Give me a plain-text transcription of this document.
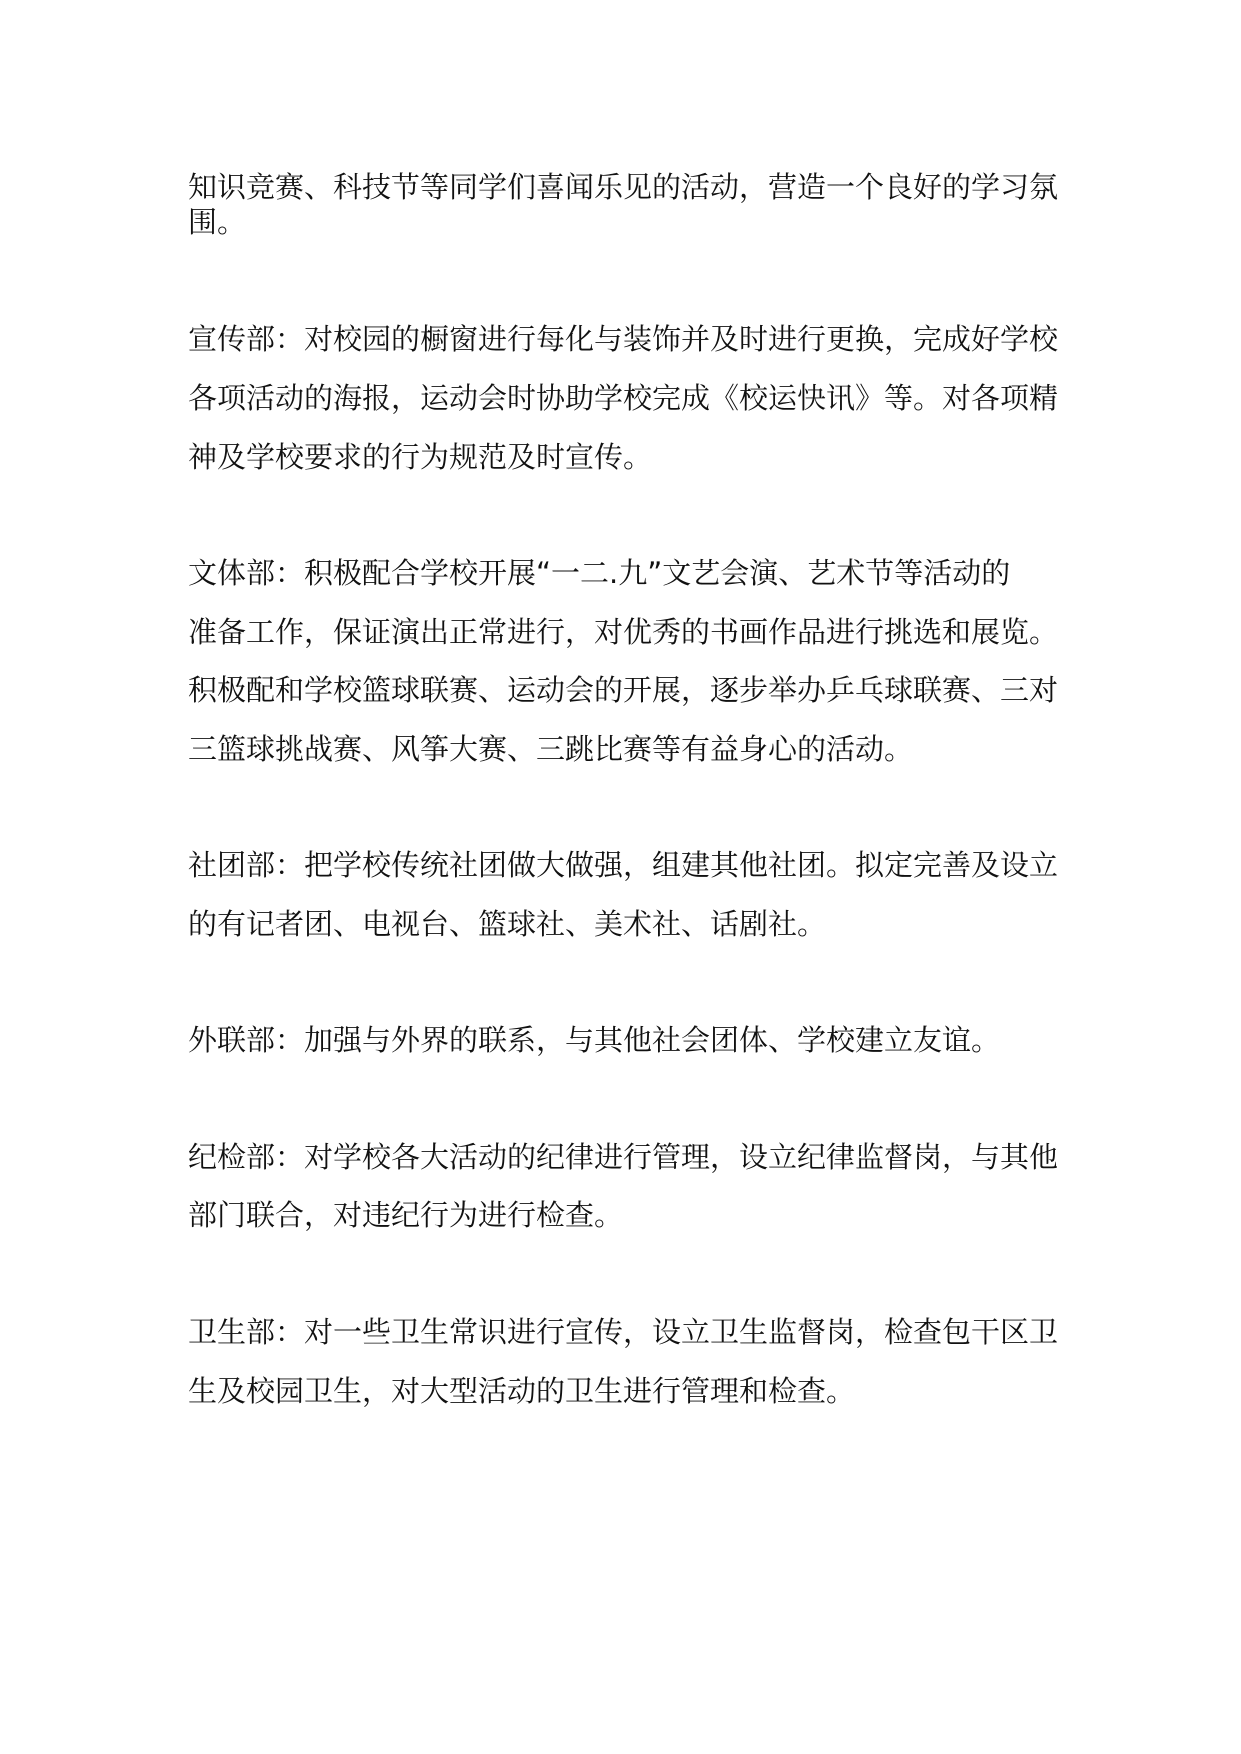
知识竞赛、科技节等同学们喜闻乐见的活动，营造一个良好的学习氛

围。

宣传部：对校园的橱窗进行每化与装饰并及时进行更换，完成好学校

各项活动的海报，运动会时协助学校完成《校运快讯》等。对各项精

神及学校要求的行为规范及时宣传。

文体部：积极配合学校开展“一二.九”文艺会演、艺术节等活动的

准备工作，保证演出正常进行，对优秀的书画作品进行挑选和展览。

积极配和学校篮球联赛、运动会的开展，逐步举办乒乓球联赛、三对

三篮球挑战赛、风筝大赛、三跳比赛等有益身心的活动。

社团部：把学校传统社团做大做强，组建其他社团。拟定完善及设立

的有记者团、电视台、篮球社、美术社、话剧社。

外联部：加强与外界的联系，与其他社会团体、学校建立友谊。

纪检部：对学校各大活动的纪律进行管理，设立纪律监督岗，与其他

部门联合，对违纪行为进行检查。

卫生部：对一些卫生常识进行宣传，设立卫生监督岗，检查包干区卫

生及校园卫生，对大型活动的卫生进行管理和检查。
